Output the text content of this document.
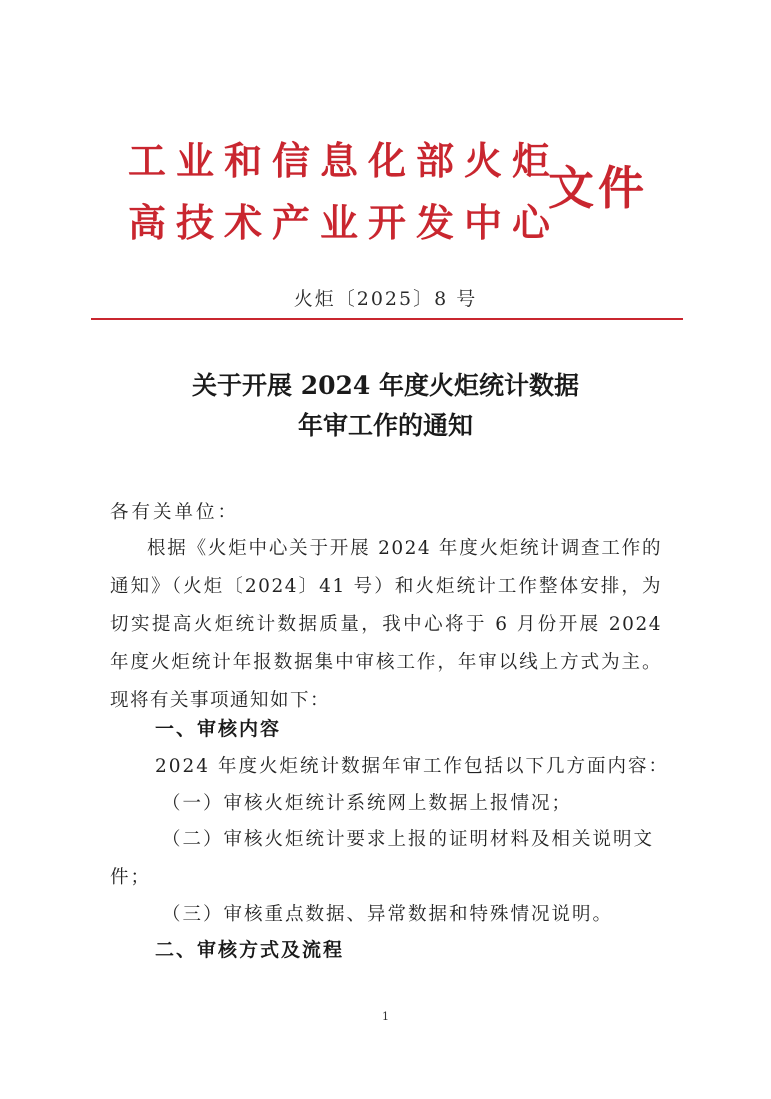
工业和信息化部火炬
高技术产业开发中心
文件
火炬〔2025〕8 号
关于开展 2024 年度火炬统计数据
年审工作的通知
各有关单位：

根据《火炬中心关于开展 2024 年度火炬统计调查工作的通知》（火炬〔2024〕41 号）和火炬统计工作整体安排，为切实提高火炬统计数据质量，我中心将于 6 月份开展 2024 年度火炬统计年报数据集中审核工作，年审以线上方式为主。现将有关事项通知如下：

一、审核内容
2024 年度火炬统计数据年审工作包括以下几方面内容：
（一）审核火炬统计系统网上数据上报情况；
（二）审核火炬统计要求上报的证明材料及相关说明文件；
（三）审核重点数据、异常数据和特殊情况说明。
二、审核方式及流程
1
